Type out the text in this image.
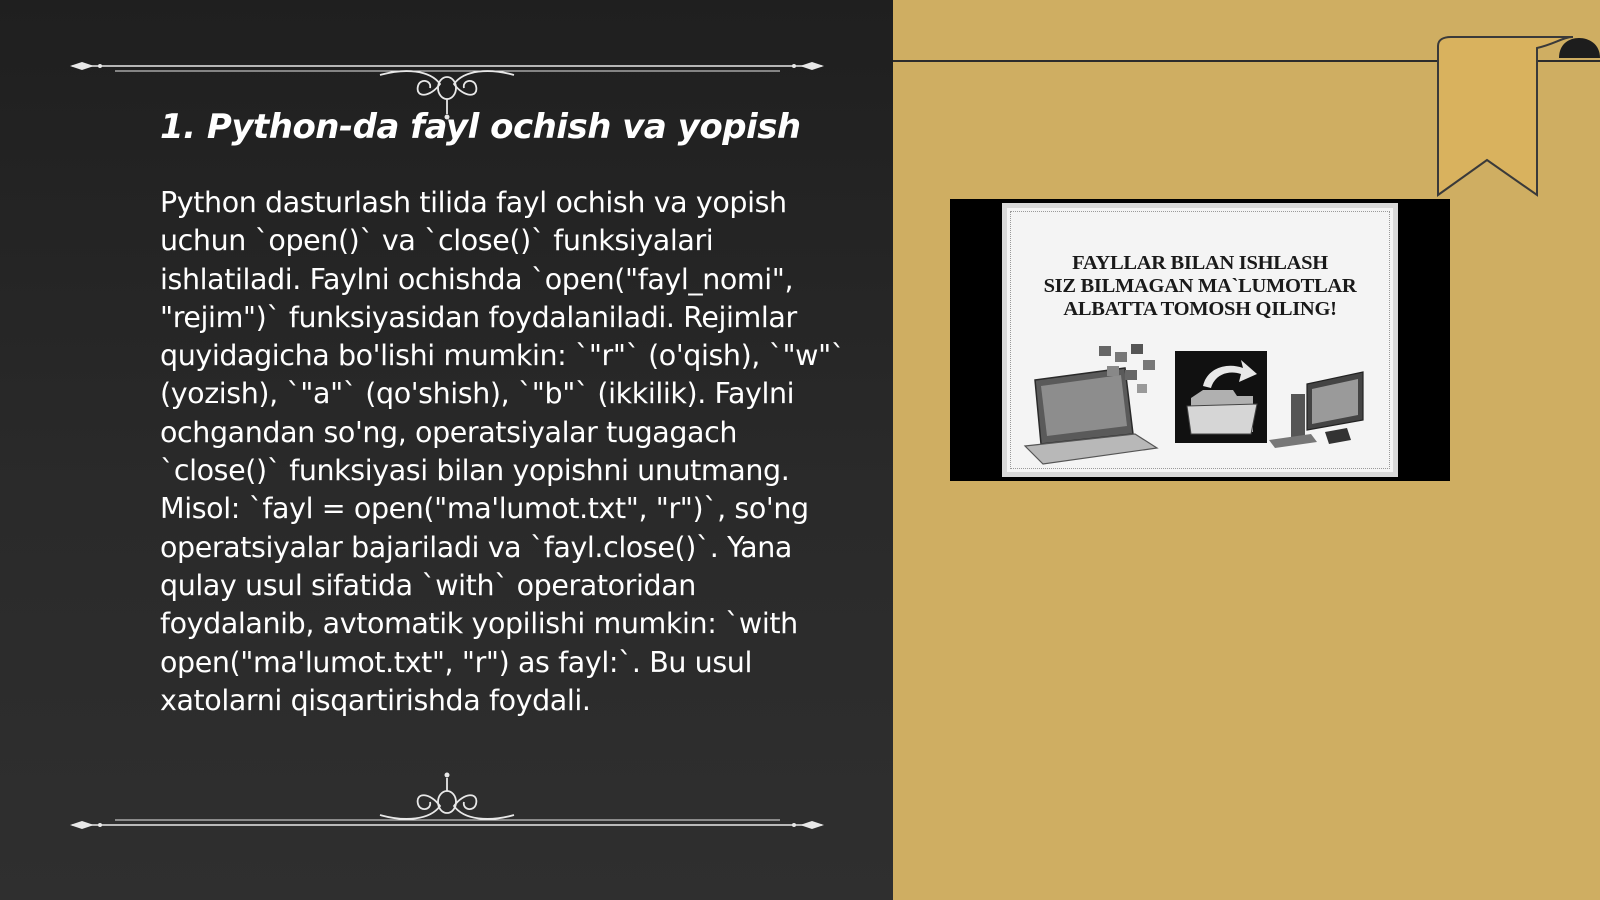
1. Python-da fayl ochish va yopish

Python dasturlash tilida fayl ochish va yopish uchun `open()` va `close()` funksiyalari ishlatiladi. Faylni ochishda `open("fayl_nomi", "rejim")` funksiyasidan foydalaniladi. Rejimlar quyidagicha bo'lishi mumkin: `"r"` (o'qish), `"w"` (yozish), `"a"` (qo'shish), `"b"` (ikkilik). Faylni ochgandan so'ng, operatsiyalar tugagach `close()` funksiyasi bilan yopishni unutmang. Misol: `fayl = open("ma'lumot.txt", "r")`, so'ng operatsiyalar bajariladi va `fayl.close()`. Yana qulay usul sifatida `with` operatoridan foydalanib, avtomatik yopilishi mumkin: `with open("ma'lumot.txt", "r") as fayl:`. Bu usul xatolarni qisqartirishda foydali.

FAYLLAR BILAN ISHLASH
SIZ BILMAGAN MA`LUMOTLAR
ALBATTA TOMOSH QILING!
